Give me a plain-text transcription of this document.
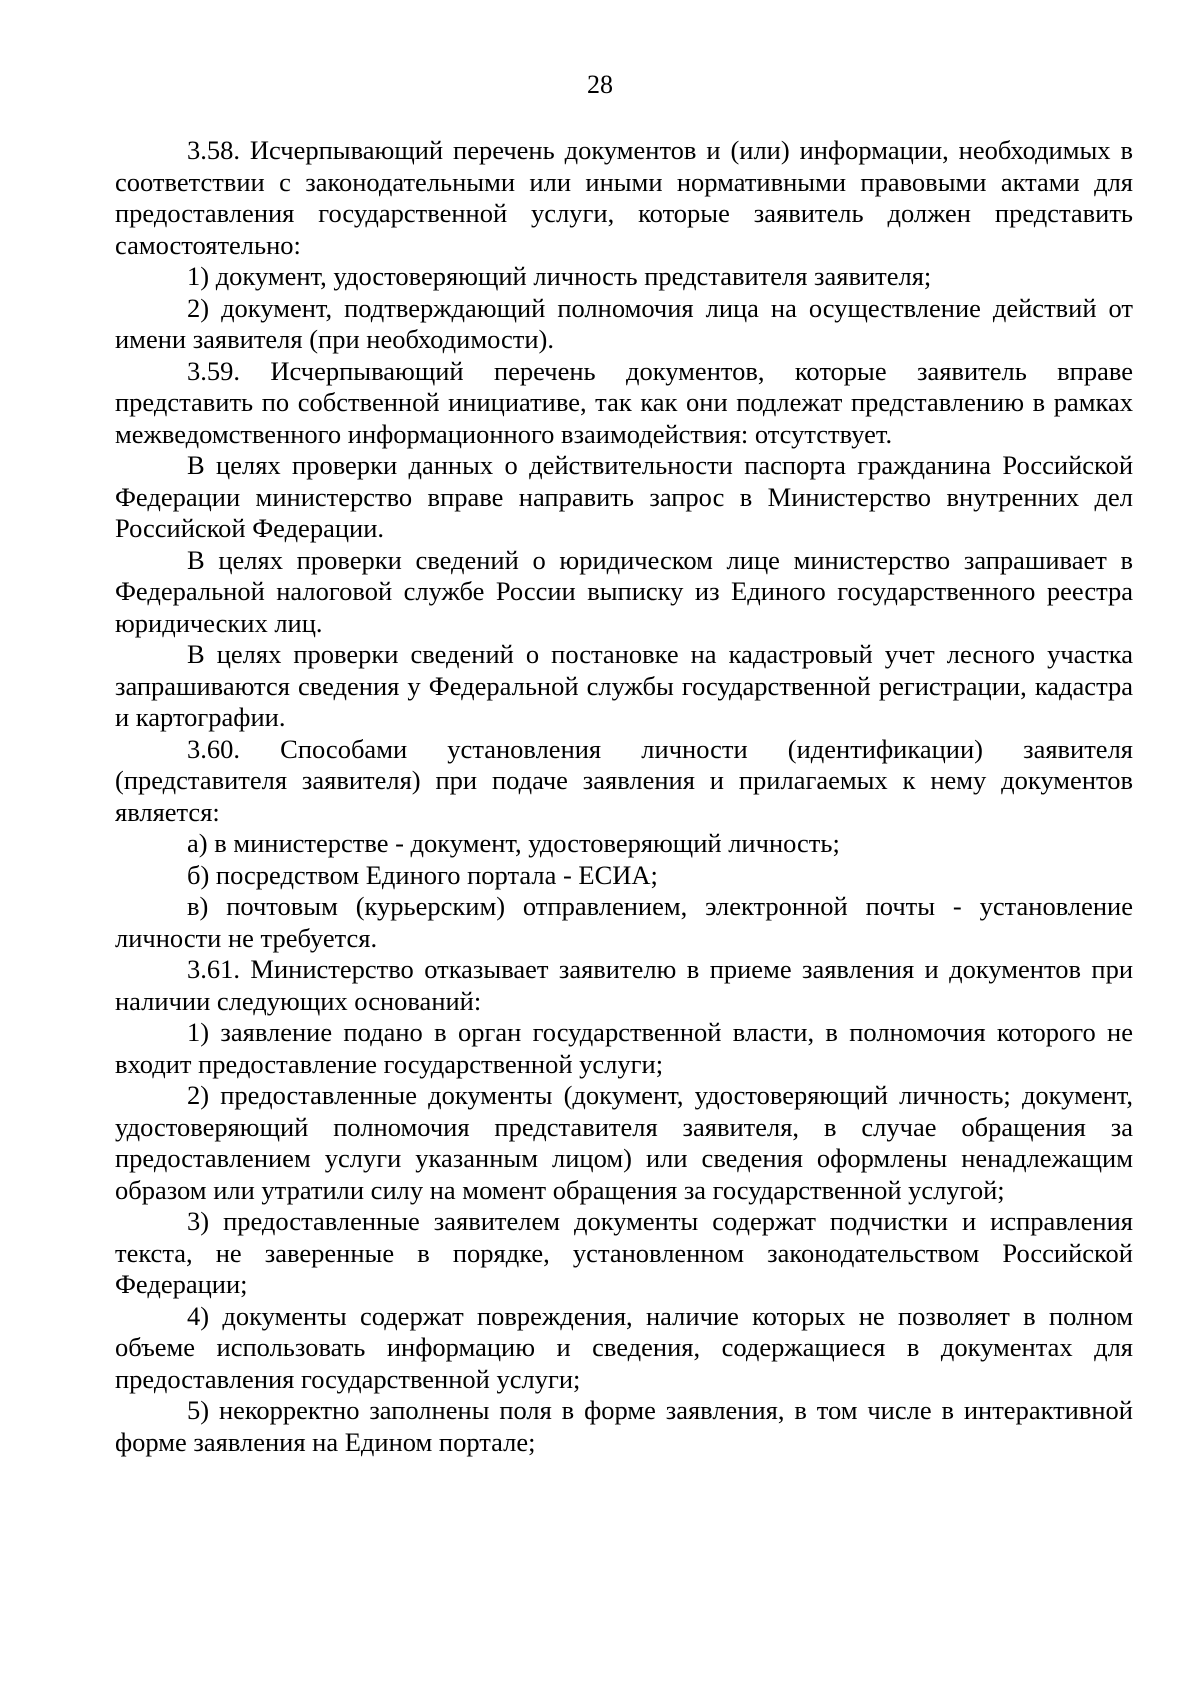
28

3.58. Исчерпывающий перечень документов и (или) информации, необходимых в соответствии с законодательными или иными нормативными правовыми актами для предоставления государственной услуги, которые заявитель должен представить самостоятельно:

1) документ, удостоверяющий личность представителя заявителя;

2) документ, подтверждающий полномочия лица на осуществление действий от имени заявителя (при необходимости).

3.59. Исчерпывающий перечень документов, которые заявитель вправе представить по собственной инициативе, так как они подлежат представлению в рамках межведомственного информационного взаимодействия: отсутствует.

В целях проверки данных о действительности паспорта гражданина Российской Федерации министерство вправе направить запрос в Министерство внутренних дел Российской Федерации.

В целях проверки сведений о юридическом лице министерство запрашивает в Федеральной налоговой службе России выписку из Единого государственного реестра юридических лиц.

В целях проверки сведений о постановке на кадастровый учет лесного участка запрашиваются сведения у Федеральной службы государственной регистрации, кадастра и картографии.

3.60. Способами установления личности (идентификации) заявителя (представителя заявителя) при подаче заявления и прилагаемых к нему документов является:

а) в министерстве - документ, удостоверяющий личность;

б) посредством Единого портала - ЕСИА;

в) почтовым (курьерским) отправлением, электронной почты - установление личности не требуется.

3.61. Министерство отказывает заявителю в приеме заявления и документов при наличии следующих оснований:

1) заявление подано в орган государственной власти, в полномочия которого не входит предоставление государственной услуги;

2) предоставленные документы (документ, удостоверяющий личность; документ, удостоверяющий полномочия представителя заявителя, в случае обращения за предоставлением услуги указанным лицом) или сведения оформлены ненадлежащим образом или утратили силу на момент обращения за государственной услугой;

3) предоставленные заявителем документы содержат подчистки и исправления текста, не заверенные в порядке, установленном законодательством Российской Федерации;

4) документы содержат повреждения, наличие которых не позволяет в полном объеме использовать информацию и сведения, содержащиеся в документах для предоставления государственной услуги;

5) некорректно заполнены поля в форме заявления, в том числе в интерактивной форме заявления на Едином портале;
